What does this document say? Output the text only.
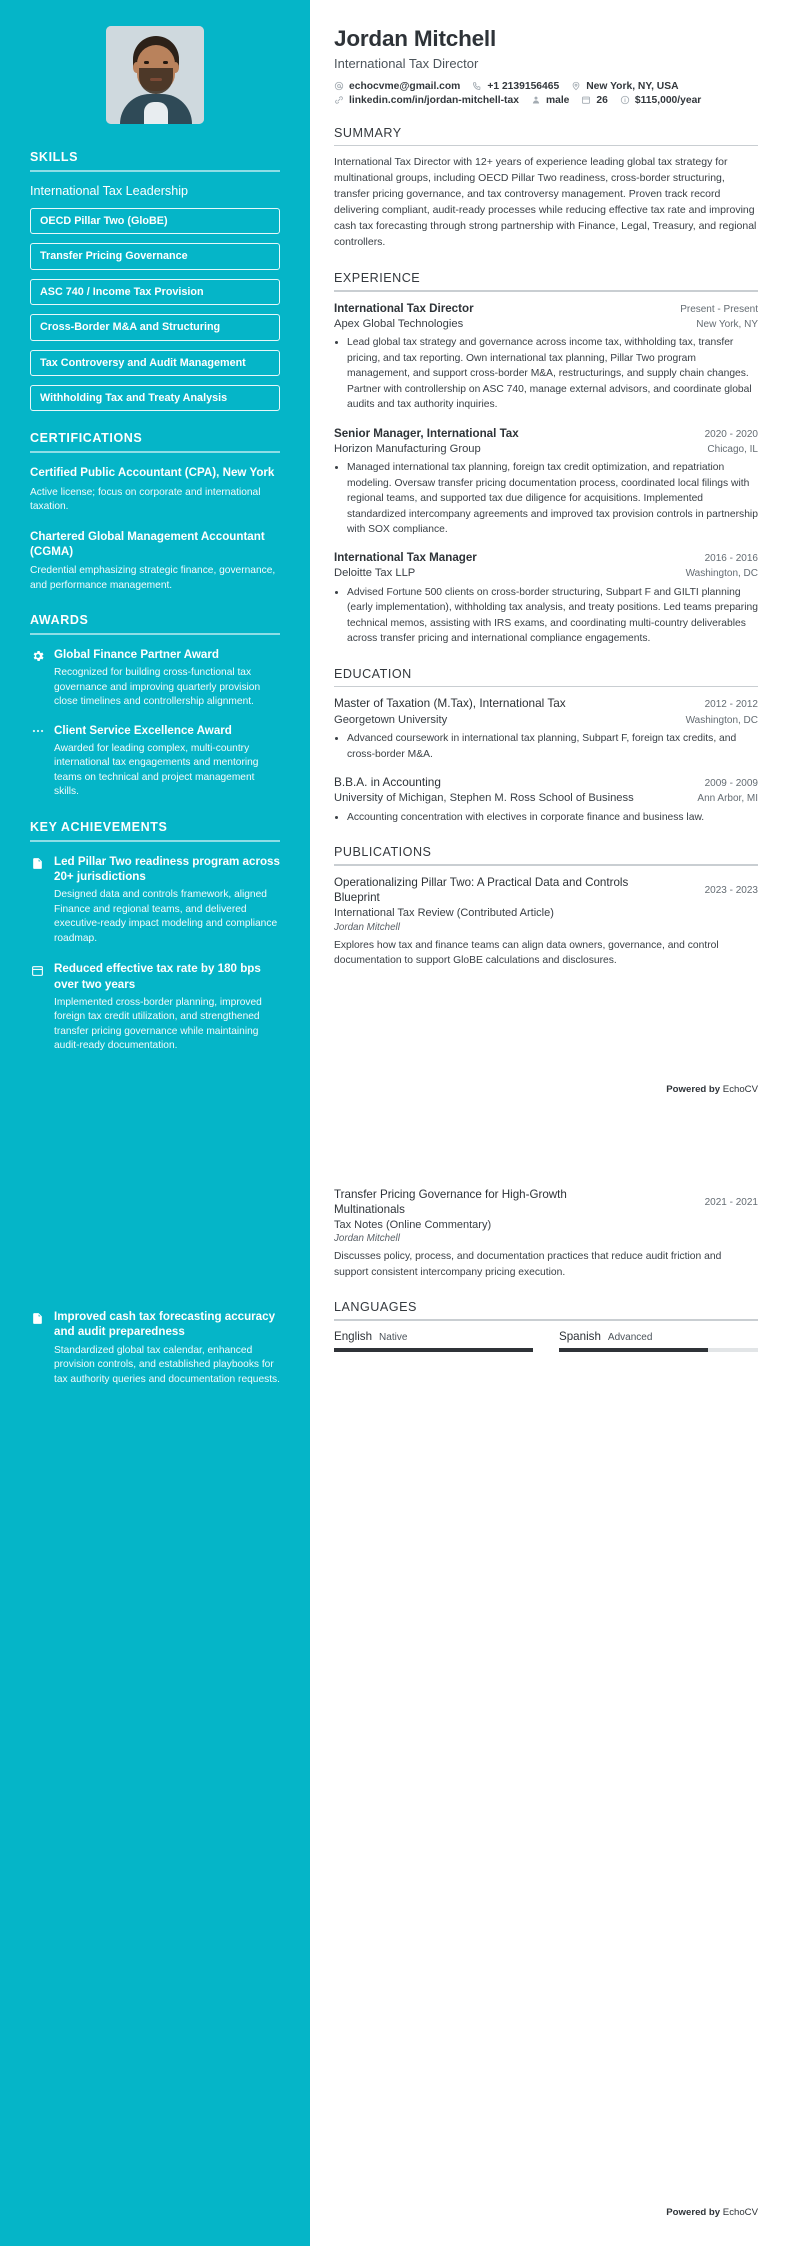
SKILLS
International Tax Leadership
OECD Pillar Two (GloBE)
Transfer Pricing Governance
ASC 740 / Income Tax Provision
Cross-Border M&A and Structuring
Tax Controversy and Audit Management
Withholding Tax and Treaty Analysis
CERTIFICATIONS
Certified Public Accountant (CPA), New York
Active license; focus on corporate and international taxation.
Chartered Global Management Accountant (CGMA)
Credential emphasizing strategic finance, governance, and performance management.
AWARDS
Global Finance Partner Award
Recognized for building cross-functional tax governance and improving quarterly provision close timelines and controllership alignment.
Client Service Excellence Award
Awarded for leading complex, multi-country international tax engagements and mentoring teams on technical and project management skills.
KEY ACHIEVEMENTS
Led Pillar Two readiness program across 20+ jurisdictions
Designed data and controls framework, aligned Finance and regional teams, and delivered executive-ready impact modeling and compliance roadmap.
Reduced effective tax rate by 180 bps over two years
Implemented cross-border planning, improved foreign tax credit utilization, and strengthened transfer pricing governance while maintaining audit-ready documentation.
Jordan Mitchell
International Tax Director
echocvme@gmail.com	+1 2139156465	New York, NY, USA
linkedin.com/in/jordan-mitchell-tax	male	26	$115,000/year
SUMMARY

International Tax Director with 12+ years of experience leading global tax strategy for multinational groups, including OECD Pillar Two readiness, cross-border structuring, transfer pricing governance, and tax controversy management. Proven track record delivering compliant, audit-ready processes while reducing effective tax rate and improving cash tax forecasting through strong partnership with Finance, Legal, Treasury, and regional controllers.

EXPERIENCE
International Tax Director	Present - Present
Apex Global Technologies	New York, NY
• Lead global tax strategy and governance across income tax, withholding tax, transfer pricing, and tax reporting. Own international tax planning, Pillar Two program management, and support cross-border M&A, restructurings, and supply chain changes. Partner with controllership on ASC 740, manage external advisors, and coordinate global audits and tax authority inquiries.
Senior Manager, International Tax	2020 - 2020
Horizon Manufacturing Group	Chicago, IL
• Managed international tax planning, foreign tax credit optimization, and repatriation modeling. Oversaw transfer pricing documentation process, coordinated local filings with regional teams, and supported tax due diligence for acquisitions. Implemented standardized intercompany agreements and improved tax provision controls in partnership with SOX compliance.
International Tax Manager	2016 - 2016
Deloitte Tax LLP	Washington, DC
• Advised Fortune 500 clients on cross-border structuring, Subpart F and GILTI planning (early implementation), withholding tax analysis, and treaty positions. Led teams preparing technical memos, assisting with IRS exams, and coordinating multi-country deliverables across transfer pricing and international compliance engagements.
EDUCATION
Master of Taxation (M.Tax), International Tax	2012 - 2012
Georgetown University	Washington, DC
• Advanced coursework in international tax planning, Subpart F, foreign tax credits, and cross-border M&A.
B.B.A. in Accounting	2009 - 2009
University of Michigan, Stephen M. Ross School of Business	Ann Arbor, MI
• Accounting concentration with electives in corporate finance and business law.
PUBLICATIONS
Operationalizing Pillar Two: A Practical Data and Controls Blueprint
2023 - 2023
International Tax Review (Contributed Article)
Jordan Mitchell
Explores how tax and finance teams can align data owners, governance, and control documentation to support GloBE calculations and disclosures.
Powered by EchoCV
Improved cash tax forecasting accuracy and audit preparedness
Standardized global tax calendar, enhanced provision controls, and established playbooks for tax authority queries and documentation requests.
Transfer Pricing Governance for High-Growth Multinationals
2021 - 2021
Tax Notes (Online Commentary)
Jordan Mitchell
Discusses policy, process, and documentation practices that reduce audit friction and support consistent intercompany pricing execution.
LANGUAGES
English Native	Spanish Advanced
Powered by EchoCV
